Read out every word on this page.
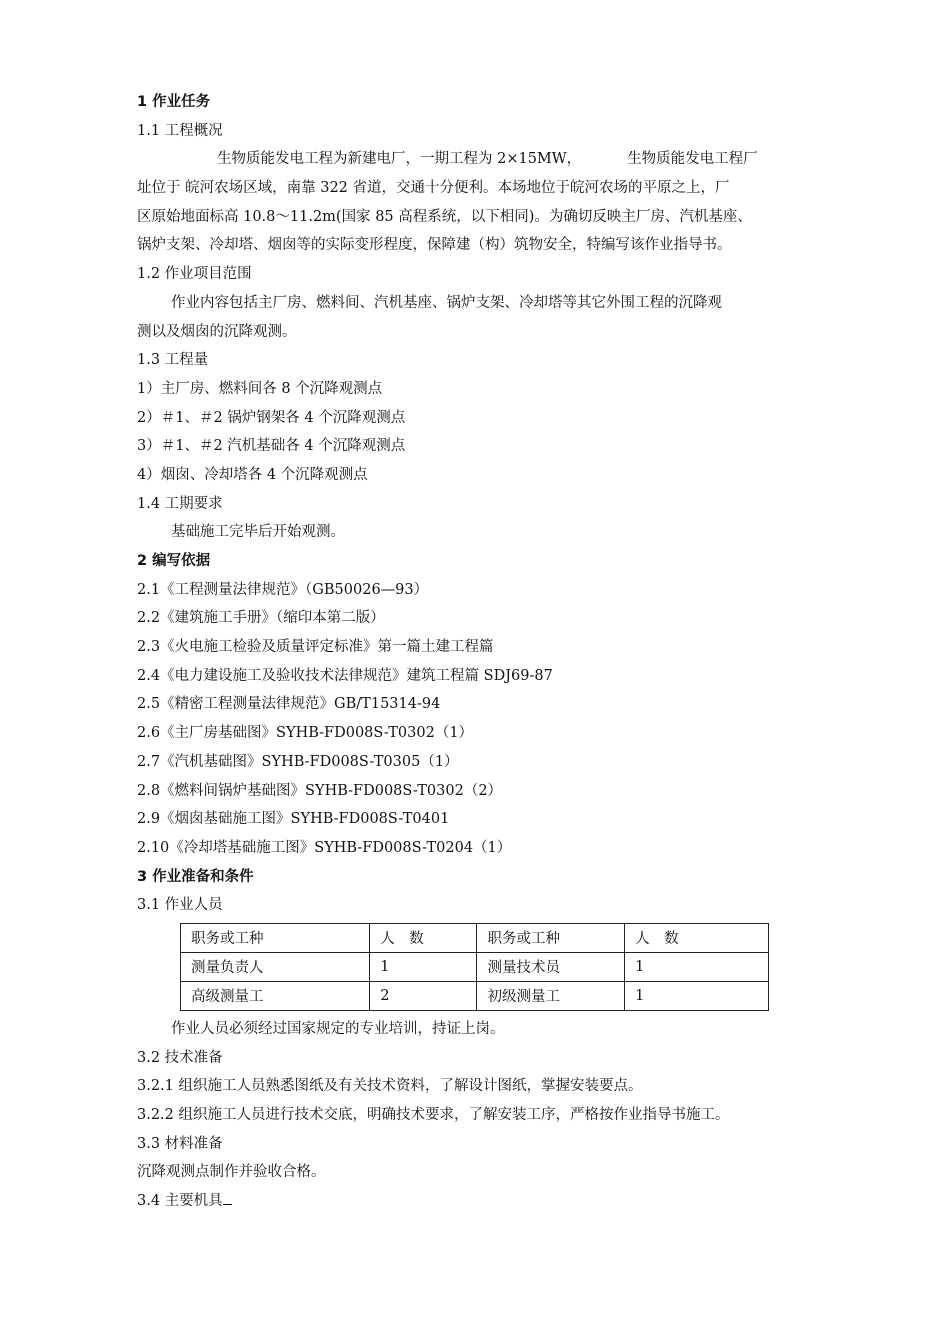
1 作业任务
1.1 工程概况
生物质能发电工程为新建电厂，一期工程为 2×15MW，	生物质能发电工程厂
址位于 皖河农场区域，南靠 322 省道，交通十分便利。本场地位于皖河农场的平原之上，厂
区原始地面标高 10.8～11.2m(国家 85 高程系统，以下相同)。为确切反映主厂房、汽机基座、
锅炉支架、冷却塔、烟囱等的实际变形程度，保障建（构）筑物安全，特编写该作业指导书。
1.2 作业项目范围
作业内容包括主厂房、燃料间、汽机基座、锅炉支架、冷却塔等其它外围工程的沉降观
测以及烟囱的沉降观测。
1.3 工程量
1）主厂房、燃料间各 8 个沉降观测点
2）＃1、＃2 锅炉钢架各 4 个沉降观测点
3）＃1、＃2 汽机基础各 4 个沉降观测点
4）烟囱、冷却塔各 4 个沉降观测点
1.4 工期要求
基础施工完毕后开始观测。
2 编写依据
2.1《工程测量法律规范》（GB50026—93）
2.2《建筑施工手册》（缩印本第二版）
2.3《火电施工检验及质量评定标准》第一篇土建工程篇
2.4《电力建设施工及验收技术法律规范》建筑工程篇 SDJ69-87
2.5《精密工程测量法律规范》GB/T15314-94
2.6《主厂房基础图》SYHB-FD008S-T0302（1）
2.7《汽机基础图》SYHB-FD008S-T0305（1）
2.8《燃料间锅炉基础图》SYHB-FD008S-T0302（2）
2.9《烟囱基础施工图》SYHB-FD008S-T0401
2.10《冷却塔基础施工图》SYHB-FD008S-T0204（1）
3 作业准备和条件
3.1 作业人员
职务或工种	人　数	职务或工种	人　数
测量负责人	1	测量技术员	1
高级测量工	2	初级测量工	1
作业人员必须经过国家规定的专业培训，持证上岗。
3.2 技术准备
3.2.1 组织施工人员熟悉图纸及有关技术资料，了解设计图纸，掌握安装要点。
3.2.2 组织施工人员进行技术交底，明确技术要求，了解安装工序，严格按作业指导书施工。
3.3 材料准备
沉降观测点制作并验收合格。
3.4 主要机具
